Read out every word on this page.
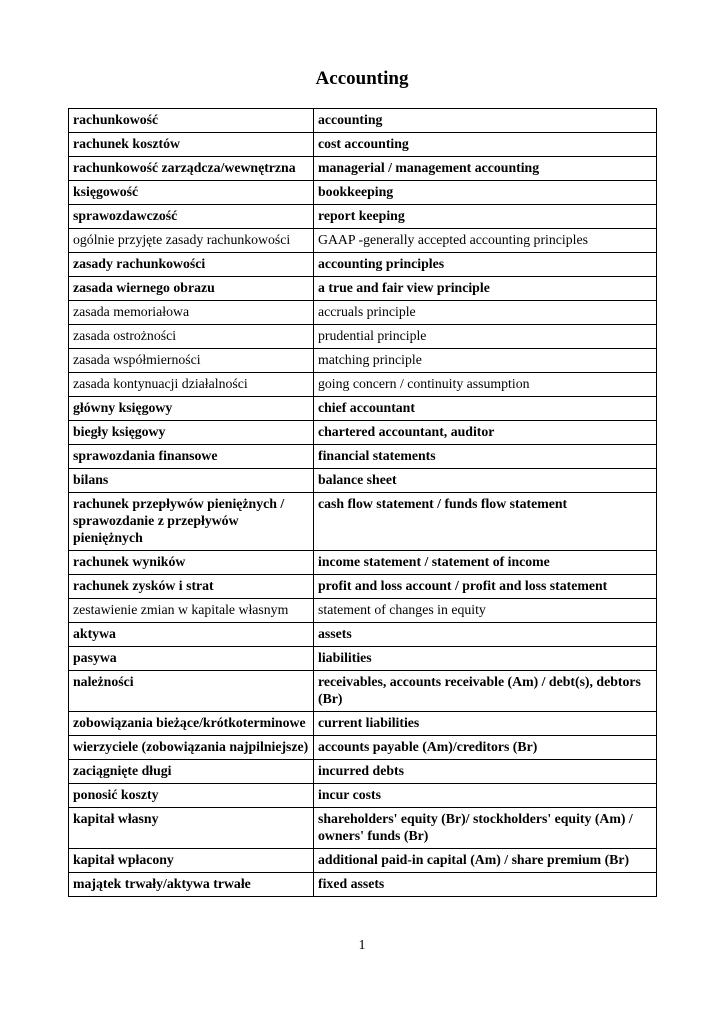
Accounting
rachunkowość	accounting
rachunek kosztów	cost accounting
rachunkowość zarządcza/wewnętrzna	managerial / management accounting
księgowość	bookkeeping
sprawozdawczość	report keeping
ogólnie przyjęte zasady rachunkowości	GAAP -generally accepted accounting principles
zasady rachunkowości	accounting principles
zasada wiernego obrazu	a true and fair view principle
zasada memoriałowa	accruals principle
zasada ostrożności	prudential principle
zasada współmierności	matching principle
zasada kontynuacji działalności	going concern / continuity assumption
główny księgowy	chief accountant
biegły księgowy	chartered accountant, auditor
sprawozdania finansowe	financial statements
bilans	balance sheet
rachunek przepływów pieniężnych / sprawozdanie z przepływów pieniężnych	cash flow statement / funds flow statement
rachunek wyników	income statement / statement of income
rachunek zysków i strat	profit and loss account / profit and loss statement
zestawienie zmian w kapitale własnym	statement of changes in equity
aktywa	assets
pasywa	liabilities
należności	receivables, accounts receivable (Am) / debt(s), debtors (Br)
zobowiązania bieżące/krótkoterminowe	current liabilities
wierzyciele (zobowiązania najpilniejsze)	accounts payable (Am)/creditors (Br)
zaciągnięte długi	incurred debts
ponosić koszty	incur costs
kapitał własny	shareholders' equity (Br)/ stockholders' equity (Am) / owners' funds (Br)
kapitał wpłacony	additional paid-in capital (Am) / share premium (Br)
majątek trwały/aktywa trwałe	fixed assets
1
